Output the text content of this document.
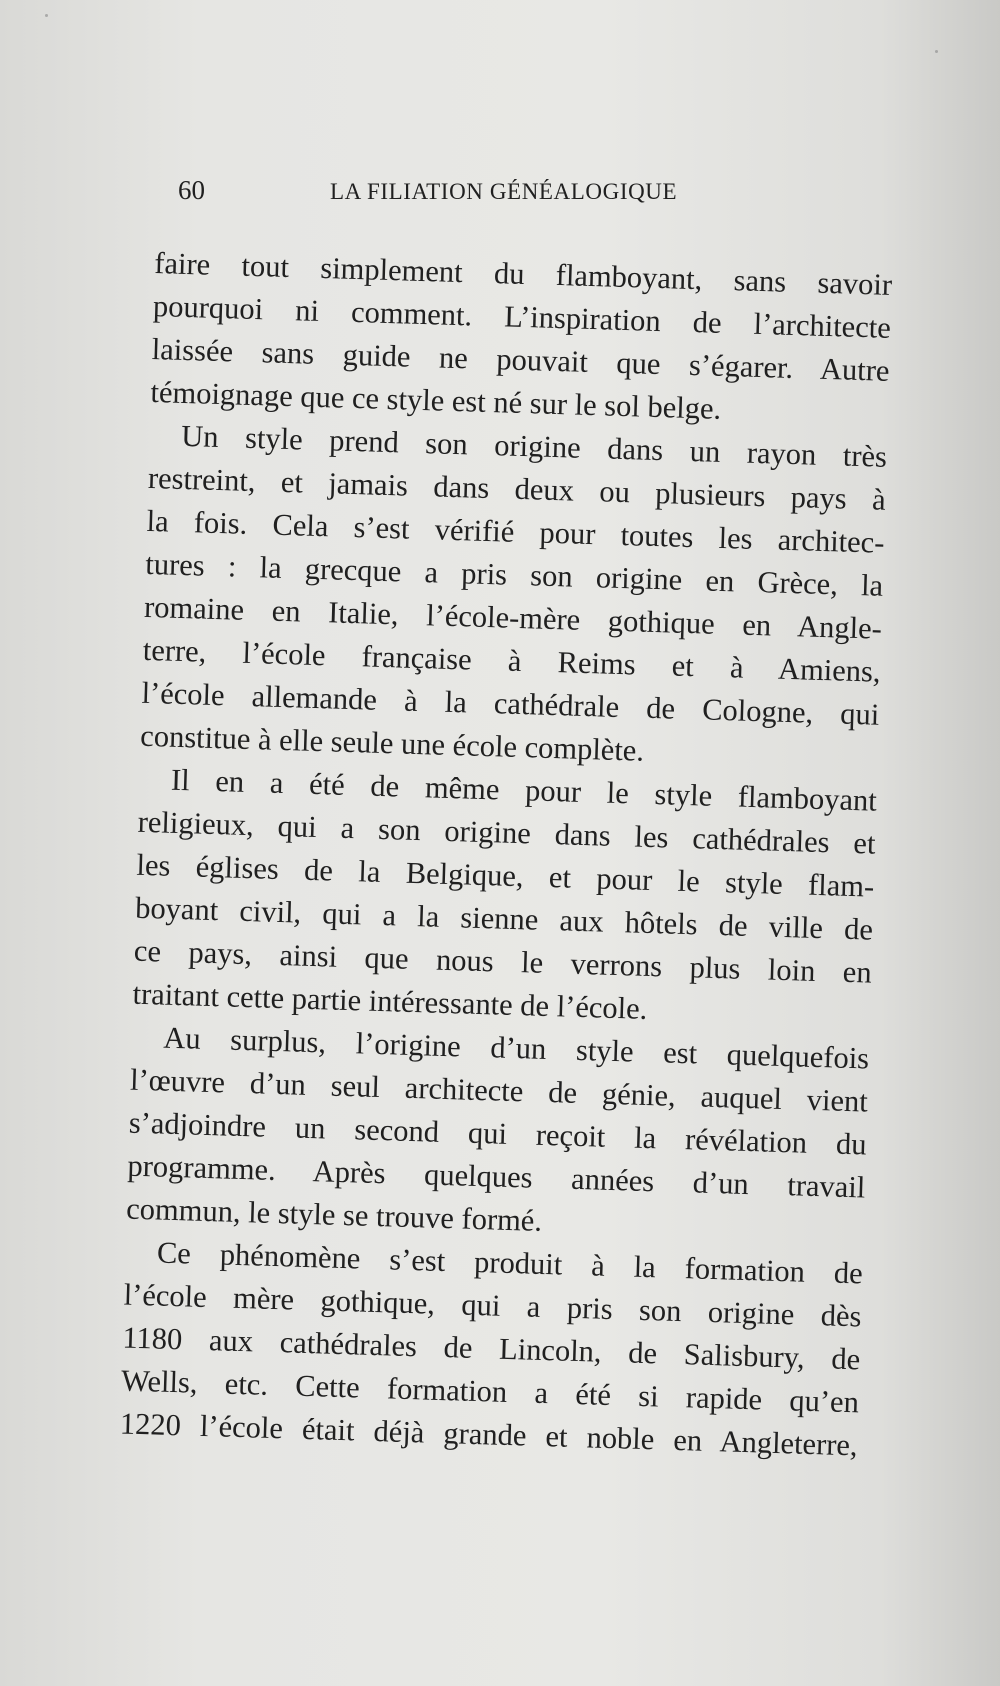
60	LA FILIATION GÉNÉALOGIQUE

faire tout simplement du flamboyant, sans savoir
pourquoi ni comment. L’inspiration de l’architecte
laissée sans guide ne pouvait que s’égarer. Autre
témoignage que ce style est né sur le sol belge.

Un style prend son origine dans un rayon très
restreint, et jamais dans deux ou plusieurs pays à
la fois. Cela s’est vérifié pour toutes les architec-
tures : la grecque a pris son origine en Grèce, la
romaine en Italie, l’école-mère gothique en Angle-
terre, l’école française à Reims et à Amiens,
l’école allemande à la cathédrale de Cologne, qui
constitue à elle seule une école complète.

Il en a été de même pour le style flamboyant
religieux, qui a son origine dans les cathédrales et
les églises de la Belgique, et pour le style flam-
boyant civil, qui a la sienne aux hôtels de ville de
ce pays, ainsi que nous le verrons plus loin en
traitant cette partie intéressante de l’école.

Au surplus, l’origine d’un style est quelquefois
l’œuvre d’un seul architecte de génie, auquel vient
s’adjoindre un second qui reçoit la révélation du
programme. Après quelques années d’un travail
commun, le style se trouve formé.

Ce phénomène s’est produit à la formation de
l’école mère gothique, qui a pris son origine dès
1180 aux cathédrales de Lincoln, de Salisbury, de
Wells, etc. Cette formation a été si rapide qu’en
1220 l’école était déjà grande et noble en Angleterre,
